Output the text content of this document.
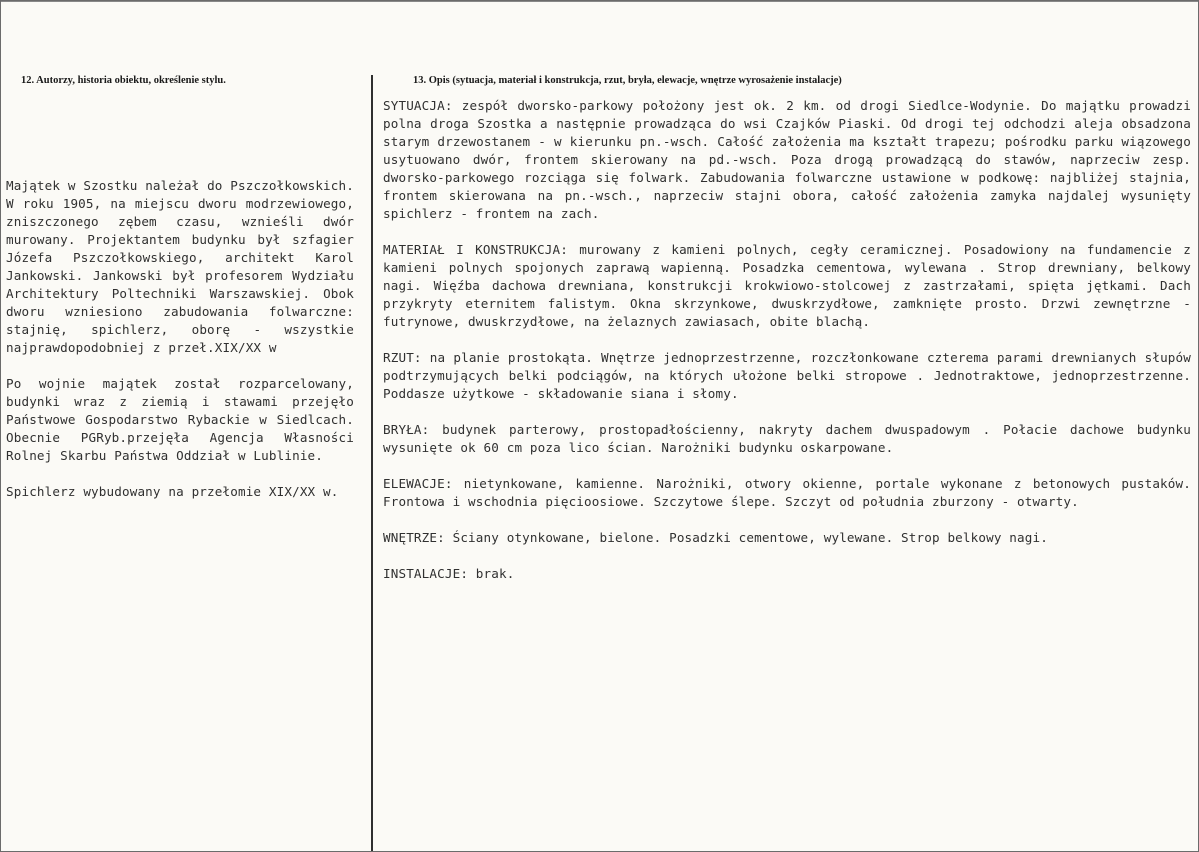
12. Autorzy, historia obiektu, określenie stylu.	13. Opis (sytuacja, materiał i konstrukcja, rzut, bryła, elewacje, wnętrze wyrosażenie instalacje)

Majątek w Szostku należał do Pszczołkowskich. W roku 1905, na miejscu dworu modrzewiowego, zniszczonego zębem czasu, wznieśli dwór murowany. Projektantem budynku był szfagier Józefa Pszczołkowskiego, architekt Karol Jankowski. Jankowski był profesorem Wydziału Architektury Poltechniki Warszawskiej. Obok dworu wzniesiono zabudowania folwarczne: stajnię, spichlerz, oborę - wszystkie najprawdopodobniej z przeł.XIX/XX w

Po wojnie majątek został rozparcelowany, budynki wraz z ziemią i stawami przejęło Państwowe Gospodarstwo Rybackie w Siedlcach. Obecnie PGRyb.przejęła Agencja Własności Rolnej Skarbu Państwa Oddział w Lublinie.

Spichlerz wybudowany na przełomie XIX/XX w.

SYTUACJA: zespół dworsko-parkowy położony jest ok. 2 km. od drogi Siedlce-Wodynie. Do majątku prowadzi polna droga Szostka a następnie prowadząca do wsi Czajków Piaski. Od drogi tej odchodzi aleja obsadzona starym drzewostanem - w kierunku pn.-wsch. Całość założenia ma kształt trapezu; pośrodku parku wiązowego usytuowano dwór, frontem skierowany na pd.-wsch. Poza drogą prowadzącą do stawów, naprzeciw zesp. dworsko-parkowego rozciąga się folwark. Zabudowania folwarczne ustawione w podkowę: najbliżej stajnia, frontem skierowana na pn.-wsch., naprzeciw stajni obora, całość założenia zamyka najdalej wysunięty spichlerz - frontem na zach.

MATERIAŁ I KONSTRUKCJA: murowany z kamieni polnych, cegły ceramicznej. Posadowiony na fundamencie z kamieni polnych spojonych zaprawą wapienną. Posadzka cementowa, wylewana . Strop drewniany, belkowy nagi. Więźba dachowa drewniana, konstrukcji krokwiowo-stolcowej z zastrzałami, spięta jętkami. Dach przykryty eternitem falistym. Okna skrzynkowe, dwuskrzydłowe, zamknięte prosto. Drzwi zewnętrzne - futrynowe, dwuskrzydłowe, na żelaznych zawiasach, obite blachą.

RZUT: na planie prostokąta. Wnętrze jednoprzestrzenne, rozczłonkowane czterema parami drewnianych słupów podtrzymujących belki podciągów, na których ułożone belki stropowe . Jednotraktowe, jednoprzestrzenne. Poddasze użytkowe - składowanie siana i słomy.

BRYŁA: budynek parterowy, prostopadłościenny, nakryty dachem dwuspadowym . Połacie dachowe budynku wysunięte ok 60 cm poza lico ścian. Narożniki budynku oskarpowane.

ELEWACJE: nietynkowane, kamienne. Narożniki, otwory okienne, portale wykonane z betonowych pustaków. Frontowa i wschodnia pięcioosiowe. Szczytowe ślepe. Szczyt od południa zburzony - otwarty.

WNĘTRZE: Ściany otynkowane, bielone. Posadzki cementowe, wylewane. Strop belkowy nagi.

INSTALACJE: brak.
